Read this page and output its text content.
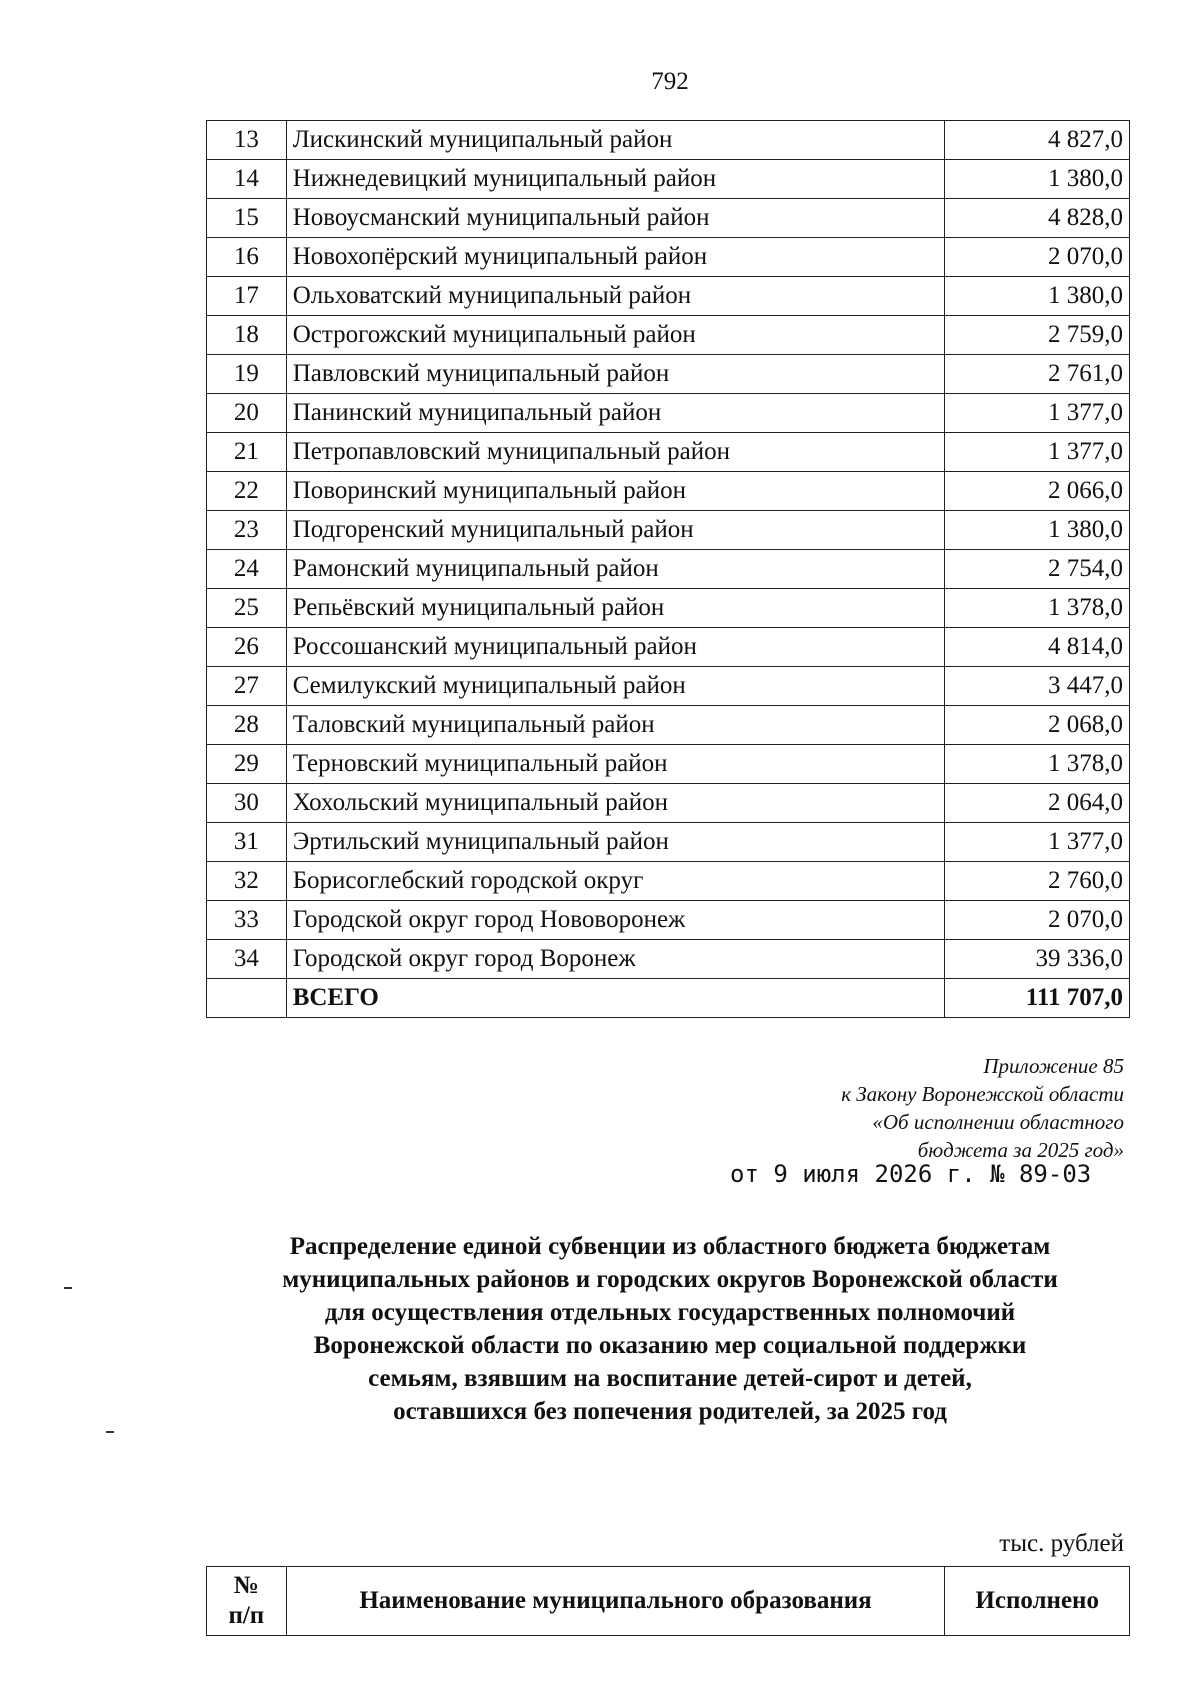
792
13	Лискинский муниципальный район	4 827,0
14	Нижнедевицкий муниципальный район	1 380,0
15	Новоусманский муниципальный район	4 828,0
16	Новохопёрский муниципальный район	2 070,0
17	Ольховатский муниципальный район	1 380,0
18	Острогожский муниципальный район	2 759,0
19	Павловский муниципальный район	2 761,0
20	Панинский муниципальный район	1 377,0
21	Петропавловский муниципальный район	1 377,0
22	Поворинский муниципальный район	2 066,0
23	Подгоренский муниципальный район	1 380,0
24	Рамонский муниципальный район	2 754,0
25	Репьёвский муниципальный район	1 378,0
26	Россошанский муниципальный район	4 814,0
27	Семилукский муниципальный район	3 447,0
28	Таловский муниципальный район	2 068,0
29	Терновский муниципальный район	1 378,0
30	Хохольский муниципальный район	2 064,0
31	Эртильский муниципальный район	1 377,0
32	Борисоглебский городской округ	2 760,0
33	Городской округ город Нововоронеж	2 070,0
34	Городской округ город Воронеж	39 336,0
	ВСЕГО	111 707,0
Приложение 85
к Закону Воронежской области
«Об исполнении областного
бюджета за 2025 год»
от 9 июля 2026 г. № 89-03
Распределение единой субвенции из областного бюджета бюджетам
муниципальных районов и городских округов Воронежской области
для осуществления отдельных государственных полномочий
Воронежской области по оказанию мер социальной поддержки
семьям, взявшим на воспитание детей-сирот и детей,
оставшихся без попечения родителей, за 2025 год
тыс. рублей
№
п/п
	Наименование муниципального образования	Исполнено
